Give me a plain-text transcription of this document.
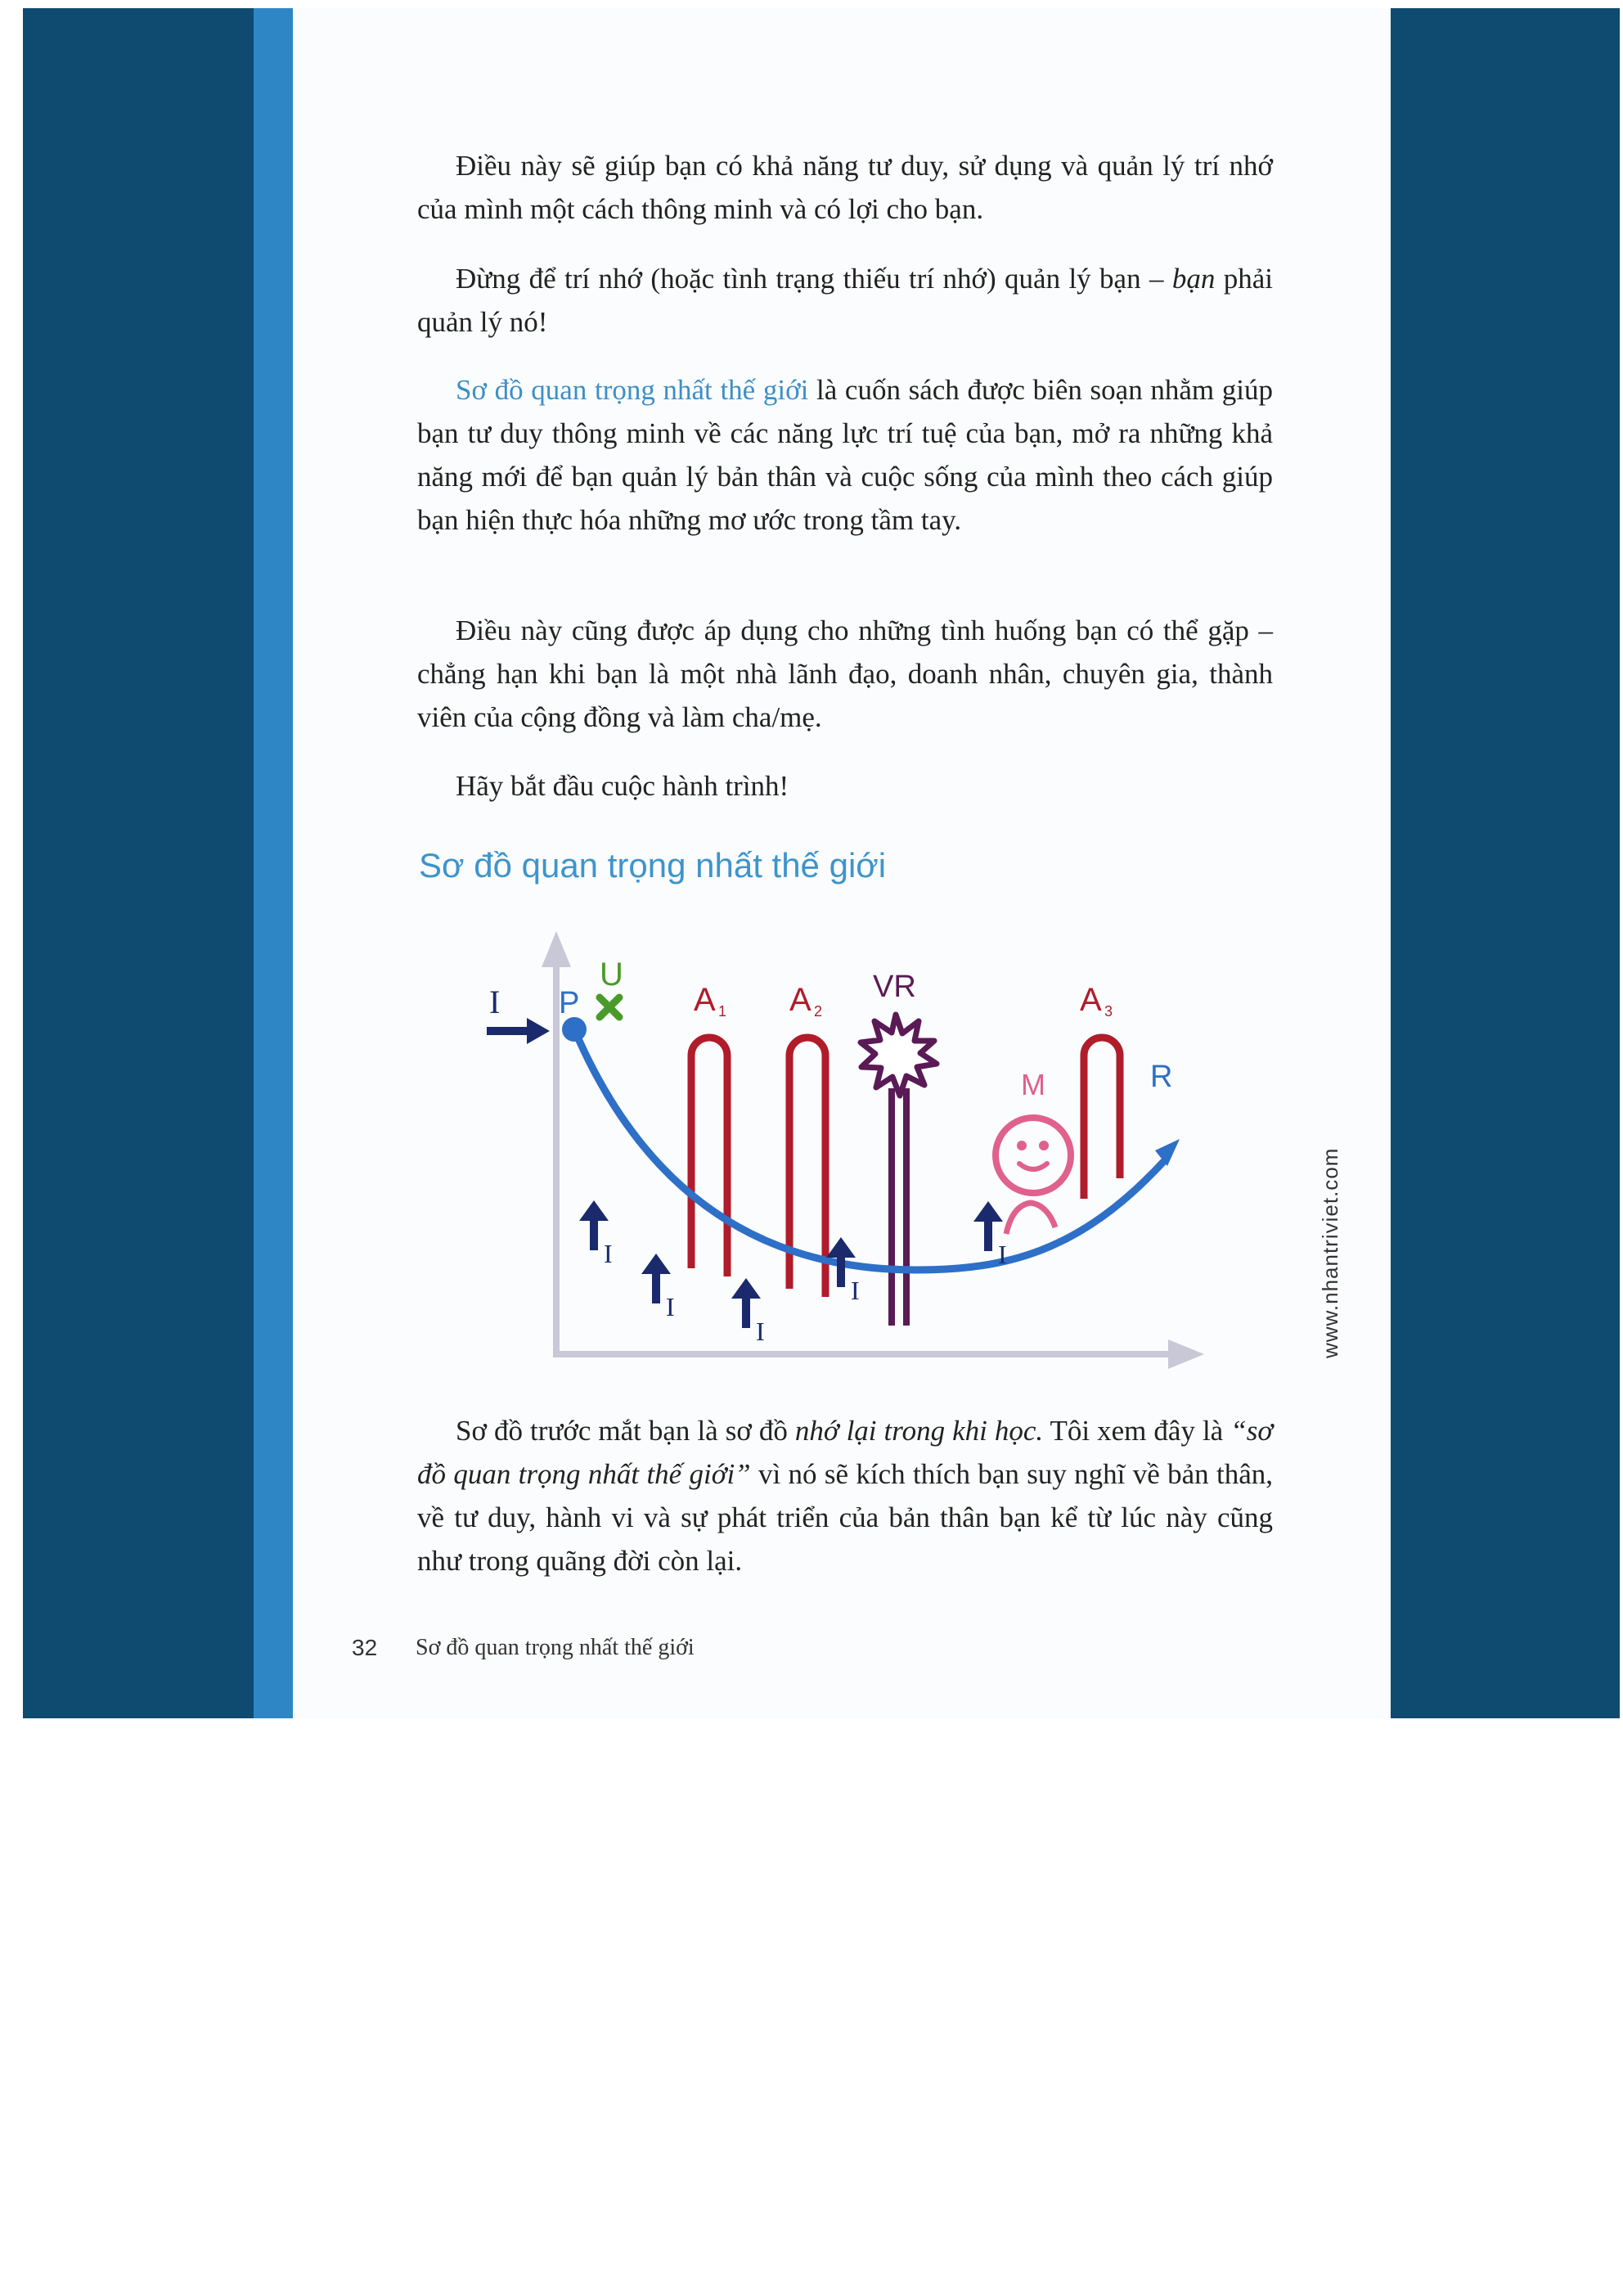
Điều này sẽ giúp bạn có khả năng tư duy, sử dụng và quản lý trí nhớ của mình một cách thông minh và có lợi cho bạn.

Đừng để trí nhớ (hoặc tình trạng thiếu trí nhớ) quản lý bạn – bạn phải quản lý nó!

Sơ đồ quan trọng nhất thế giới là cuốn sách được biên soạn nhằm giúp bạn tư duy thông minh về các năng lực trí tuệ của bạn, mở ra những khả năng mới để bạn quản lý bản thân và cuộc sống của mình theo cách giúp bạn hiện thực hóa những mơ ước trong tầm tay.

Điều này cũng được áp dụng cho những tình huống bạn có thể gặp – chẳng hạn khi bạn là một nhà lãnh đạo, doanh nhân, chuyên gia, thành viên của cộng đồng và làm cha/mẹ.

Hãy bắt đầu cuộc hành trình!

Sơ đồ quan trọng nhất thế giới
I P
U
A 1 A 2
VR
M
A 3
R
I
I
I
I
I	www.nhantriviet.com

Sơ đồ trước mắt bạn là sơ đồ nhớ lại trong khi học. Tôi xem đây là “sơ đồ quan trọng nhất thế giới” vì nó sẽ kích thích bạn suy nghĩ về bản thân, về tư duy, hành vi và sự phát triển của bản thân bạn kể từ lúc này cũng như trong quãng đời còn lại.

32 Sơ đồ quan trọng nhất thế giới
